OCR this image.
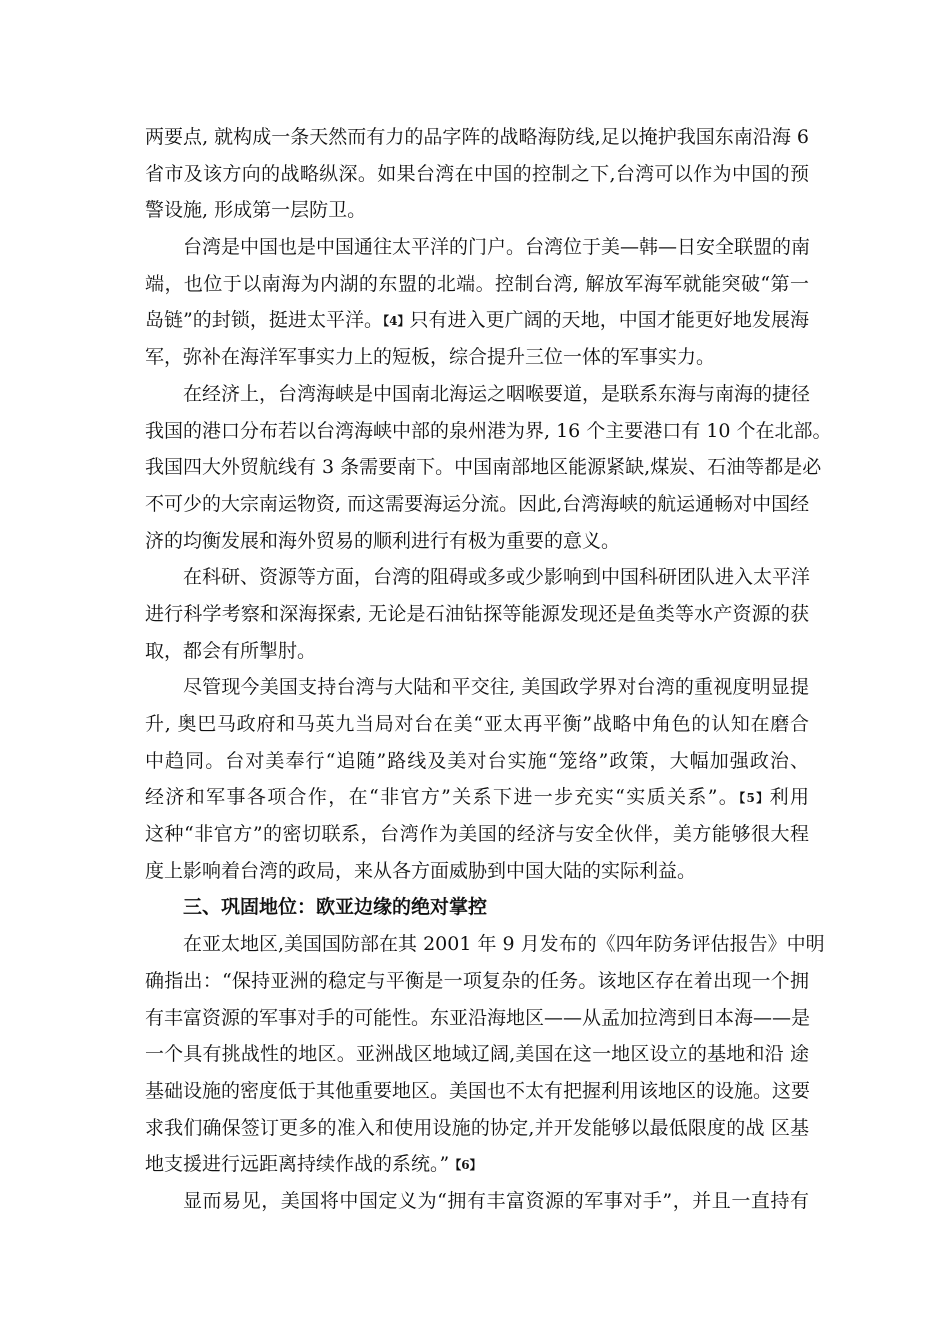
两要点, 就构成一条天然而有力的品字阵的战略海防线,足以掩护我国东南沿海 6
省市及该方向的战略纵深。如果台湾在中国的控制之下,台湾可以作为中国的预
警设施, 形成第一层防卫。
台湾是中国也是中国通往太平洋的门户。台湾位于美—韩—日安全联盟的南
端，也位于以南海为内湖的东盟的北端。控制台湾, 解放军海军就能突破“第一
岛链”的封锁，挺进太平洋。【4】只有进入更广阔的天地，中国才能更好地发展海
军，弥补在海洋军事实力上的短板，综合提升三位一体的军事实力。
在经济上，台湾海峡是中国南北海运之咽喉要道，是联系东海与南海的捷径
我国的港口分布若以台湾海峡中部的泉州港为界, 16 个主要港口有 10 个在北部。
我国四大外贸航线有 3 条需要南下。中国南部地区能源紧缺,煤炭、石油等都是必
不可少的大宗南运物资, 而这需要海运分流。因此,台湾海峡的航运通畅对中国经
济的均衡发展和海外贸易的顺利进行有极为重要的意义。
在科研、资源等方面，台湾的阻碍或多或少影响到中国科研团队进入太平洋
进行科学考察和深海探索, 无论是石油钻探等能源发现还是鱼类等水产资源的获
取，都会有所掣肘。
尽管现今美国支持台湾与大陆和平交往, 美国政学界对台湾的重视度明显提
升, 奥巴马政府和马英九当局对台在美“亚太再平衡”战略中角色的认知在磨合
中趋同。台对美奉行“追随”路线及美对台实施“笼络”政策，大幅加强政治、
经济和军事各项合作，在“非官方”关系下进一步充实“实质关系”。【5】利用
这种“非官方”的密切联系，台湾作为美国的经济与安全伙伴，美方能够很大程
度上影响着台湾的政局，来从各方面威胁到中国大陆的实际利益。
三、巩固地位：欧亚边缘的绝对掌控
在亚太地区,美国国防部在其 2001 年 9 月发布的《四年防务评估报告》中明
确指出：“保持亚洲的稳定与平衡是一项复杂的任务。该地区存在着出现一个拥
有丰富资源的军事对手的可能性。东亚沿海地区——从孟加拉湾到日本海——是
一个具有挑战性的地区。亚洲战区地域辽阔,美国在这一地区设立的基地和沿 途
基础设施的密度低于其他重要地区。美国也不太有把握利用该地区的设施。这要
求我们确保签订更多的准入和使用设施的协定,并开发能够以最低限度的战 区基
地支援进行远距离持续作战的系统。”【6】
显而易见，美国将中国定义为“拥有丰富资源的军事对手”，并且一直持有
